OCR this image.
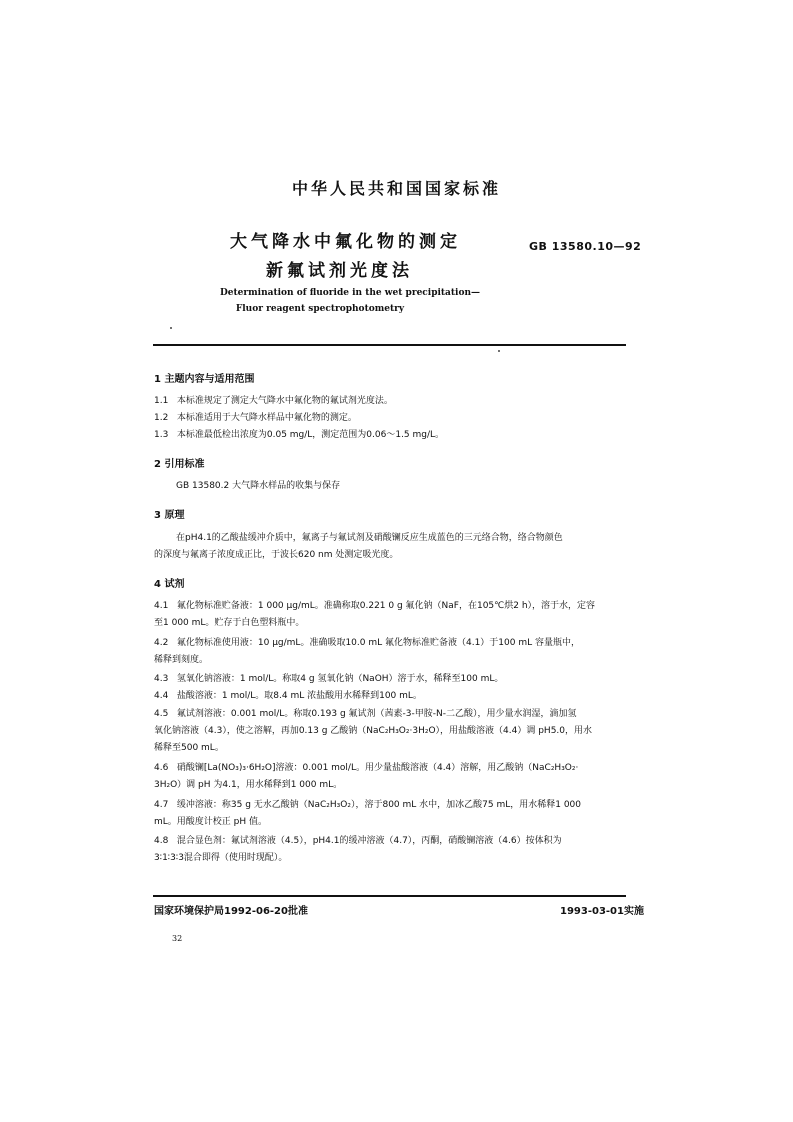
中华人民共和国国家标准
大气降水中氟化物的测定
新氟试剂光度法
GB 13580.10—92
Determination of fluoride in the wet precipitation—
Fluor reagent spectrophotometry
1 主题内容与适用范围
1.1 本标准规定了测定大气降水中氟化物的氟试剂光度法。
1.2 本标准适用于大气降水样品中氟化物的测定。
1.3 本标准最低检出浓度为0.05 mg/L，测定范围为0.06～1.5 mg/L。
2 引用标准
GB 13580.2 大气降水样品的收集与保存
3 原理
在pH4.1的乙酸盐缓冲介质中，氟离子与氟试剂及硝酸镧反应生成蓝色的三元络合物，络合物颜色
的深度与氟离子浓度成正比，于波长620 nm 处测定吸光度。
4 试剂
4.1 氟化物标准贮备液：1 000 μg/mL。准确称取0.221 0 g 氟化钠（NaF，在105℃烘2 h），溶于水，定容
至1 000 mL。贮存于白色塑料瓶中。
4.2 氟化物标准使用液：10 μg/mL。准确吸取10.0 mL 氟化物标准贮备液（4.1）于100 mL 容量瓶中，
稀释到刻度。
4.3 氢氧化钠溶液：1 mol/L。称取4 g 氢氧化钠（NaOH）溶于水，稀释至100 mL。
4.4 盐酸溶液：1 mol/L。取8.4 mL 浓盐酸用水稀释到100 mL。
4.5 氟试剂溶液：0.001 mol/L。称取0.193 g 氟试剂（茜素-3-甲胺-N-二乙酸），用少量水润湿，滴加氢
氧化钠溶液（4.3），使之溶解，再加0.13 g 乙酸钠（NaC₂H₃O₂·3H₂O），用盐酸溶液（4.4）调 pH5.0，用水
稀释至500 mL。
4.6 硝酸镧[La(NO₃)₃·6H₂O]溶液：0.001 mol/L。用少量盐酸溶液（4.4）溶解，用乙酸钠（NaC₂H₃O₂·
3H₂O）调 pH 为4.1，用水稀释到1 000 mL。
4.7 缓冲溶液：称35 g 无水乙酸钠（NaC₂H₃O₂），溶于800 mL 水中，加冰乙酸75 mL，用水稀释1 000
mL。用酸度计校正 pH 值。
4.8 混合显色剂：氟试剂溶液（4.5），pH4.1的缓冲溶液（4.7），丙酮，硝酸镧溶液（4.6）按体积为
3∶1∶3∶3混合即得（使用时现配）。
国家环境保护局1992-06-20批准	1993-03-01实施
32
